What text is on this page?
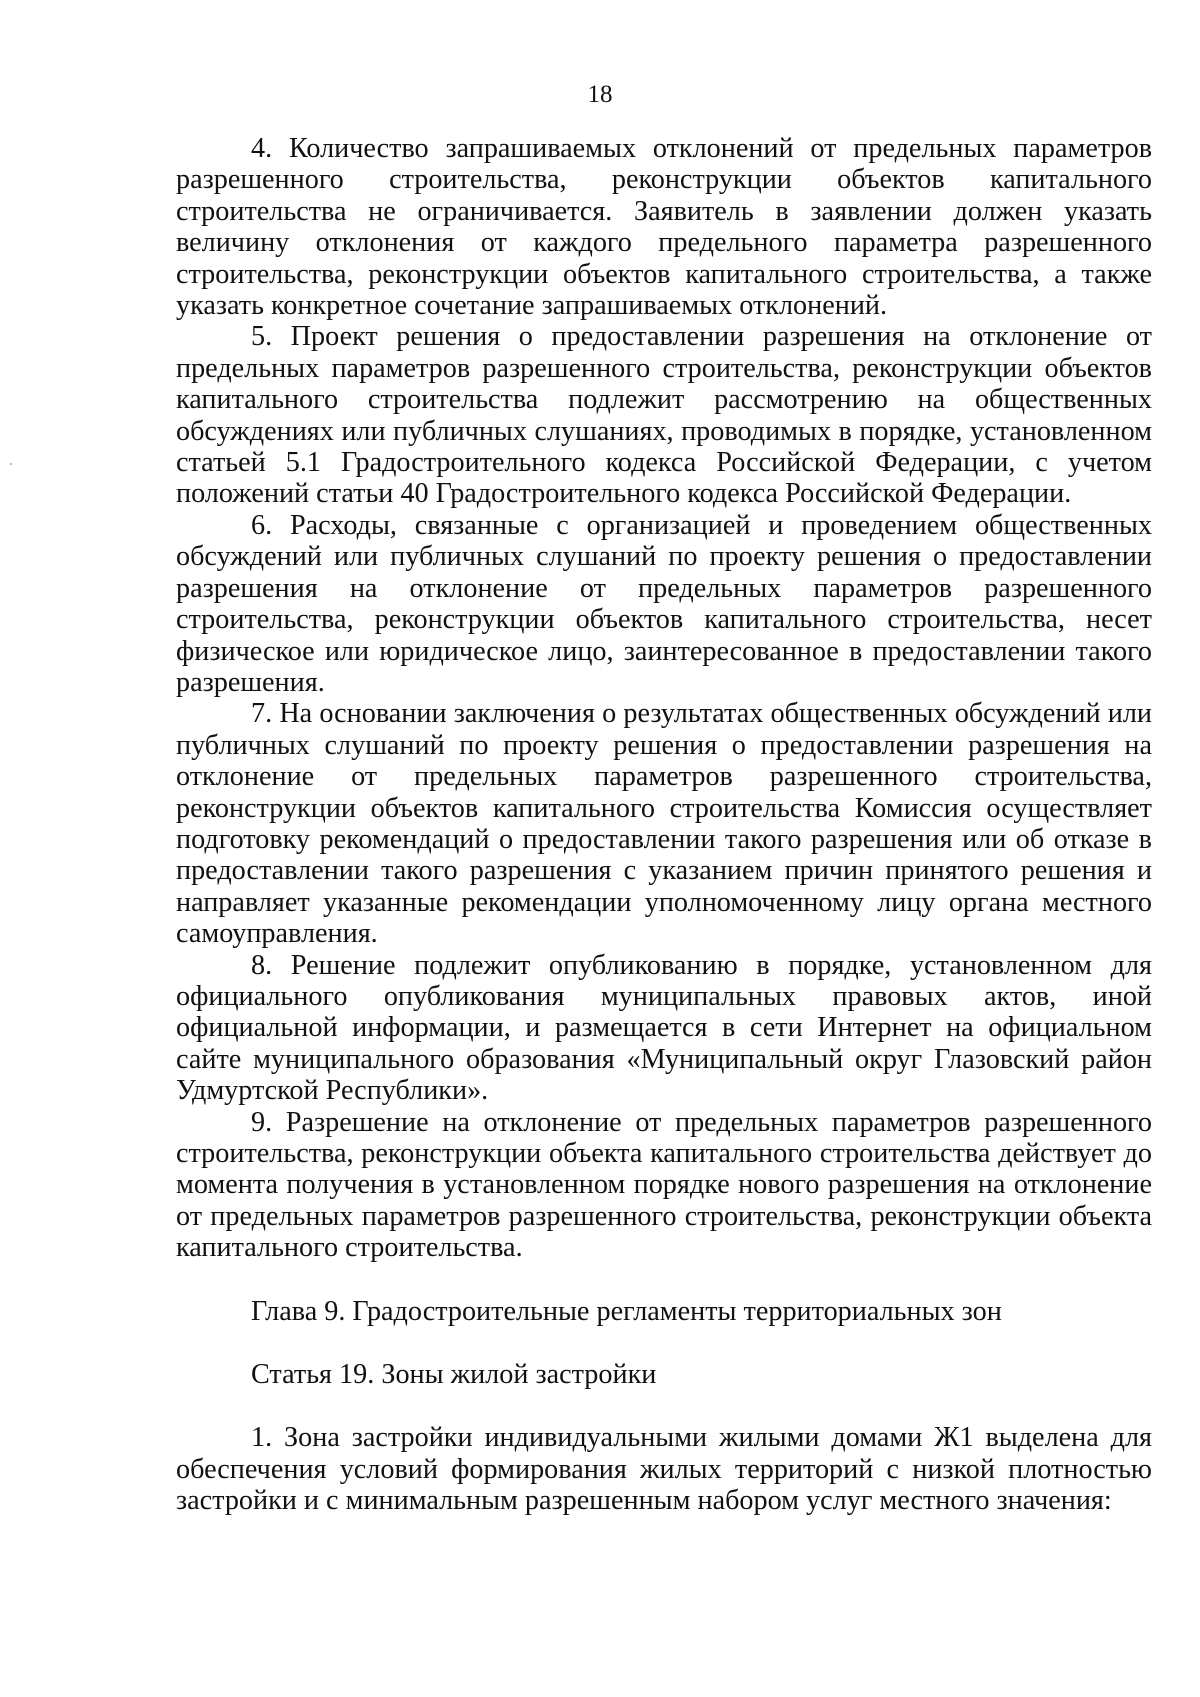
18

4. Количество запрашиваемых отклонений от предельных параметров разрешенного строительства, реконструкции объектов капитального строительства не ограничивается. Заявитель в заявлении должен указать величину отклонения от каждого предельного параметра разрешенного строительства, реконструкции объектов капитального строительства, а также указать конкретное сочетание запрашиваемых отклонений.

5. Проект решения о предоставлении разрешения на отклонение от предельных параметров разрешенного строительства, реконструкции объектов капитального строительства подлежит рассмотрению на общественных обсуждениях или публичных слушаниях, проводимых в порядке, установленном статьей 5.1 Градостроительного кодекса Российской Федерации, с учетом положений статьи 40 Градостроительного кодекса Российской Федерации.

6. Расходы, связанные с организацией и проведением общественных обсуждений или публичных слушаний по проекту решения о предоставлении разрешения на отклонение от предельных параметров разрешенного строительства, реконструкции объектов капитального строительства, несет физическое или юридическое лицо, заинтересованное в предоставлении такого разрешения.

7. На основании заключения о результатах общественных обсуждений или публичных слушаний по проекту решения о предоставлении разрешения на отклонение от предельных параметров разрешенного строительства, реконструкции объектов капитального строительства Комиссия осуществляет подготовку рекомендаций о предоставлении такого разрешения или об отказе в предоставлении такого разрешения с указанием причин принятого решения и направляет указанные рекомендации уполномоченному лицу органа местного самоуправления.

8. Решение подлежит опубликованию в порядке, установленном для официального опубликования муниципальных правовых актов, иной официальной информации, и размещается в сети Интернет на официальном сайте муниципального образования «Муниципальный округ Глазовский район Удмуртской Республики».

9. Разрешение на отклонение от предельных параметров разрешенного строительства, реконструкции объекта капитального строительства действует до момента получения в установленном порядке нового разрешения на отклонение от предельных параметров разрешенного строительства, реконструкции объекта капитального строительства.

Глава 9. Градостроительные регламенты территориальных зон

Статья 19. Зоны жилой застройки

1. Зона застройки индивидуальными жилыми домами Ж1 выделена для обеспечения условий формирования жилых территорий с низкой плотностью застройки и с минимальным разрешенным набором услуг местного значения:
